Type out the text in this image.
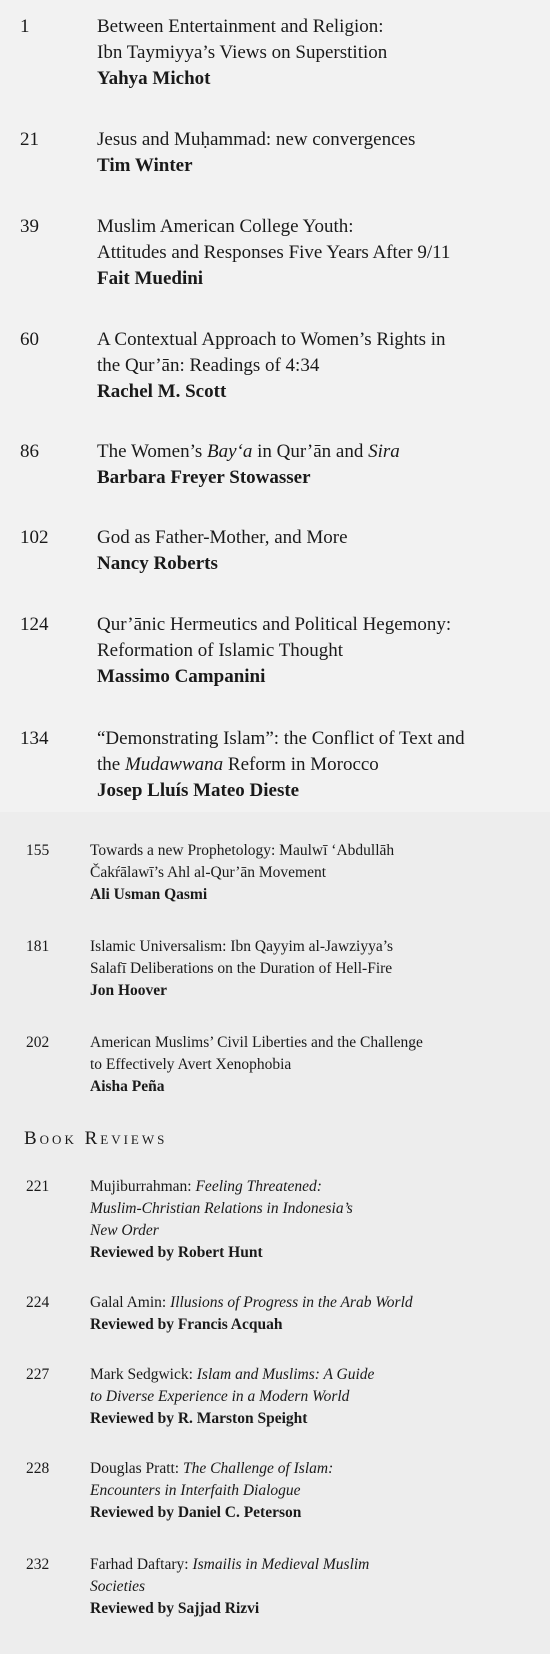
1	Between Entertainment and Religion:
Ibn Taymiyya’s Views on Superstition
Yahya Michot
21	Jesus and Muḥammad: new convergences
Tim Winter
39	Muslim American College Youth:
Attitudes and Responses Five Years After 9/11
Fait Muedini
60	A Contextual Approach to Women’s Rights in
the Qur’ān: Readings of 4:34
Rachel M. Scott
86	The Women’s Bay‘a in Qur’ān and Sira
Barbara Freyer Stowasser
102	God as Father-Mother, and More
Nancy Roberts
124	Qur’ānic Hermeutics and Political Hegemony:
Reformation of Islamic Thought
Massimo Campanini
134	“Demonstrating Islam”: the Conflict of Text and
the Mudawwana Reform in Morocco
Josep Lluís Mateo Dieste
155	Towards a new Prophetology: Maulwī ‘Abdullāh
Čakŕālawī’s Ahl al-Qur’ān Movement
Ali Usman Qasmi
181	Islamic Universalism: Ibn Qayyim al-Jawziyya’s
Salafī Deliberations on the Duration of Hell-Fire
Jon Hoover
202	American Muslims’ Civil Liberties and the Challenge
to Effectively Avert Xenophobia
Aisha Peña
Book Reviews
221	Mujiburrahman: Feeling Threatened:
Muslim-Christian Relations in Indonesia’s
New Order
Reviewed by Robert Hunt
224	Galal Amin: Illusions of Progress in the Arab World
Reviewed by Francis Acquah
227	Mark Sedgwick: Islam and Muslims: A Guide
to Diverse Experience in a Modern World
Reviewed by R. Marston Speight
228	Douglas Pratt: The Challenge of Islam:
Encounters in Interfaith Dialogue
Reviewed by Daniel C. Peterson
232	Farhad Daftary: Ismailis in Medieval Muslim
Societies
Reviewed by Sajjad Rizvi
